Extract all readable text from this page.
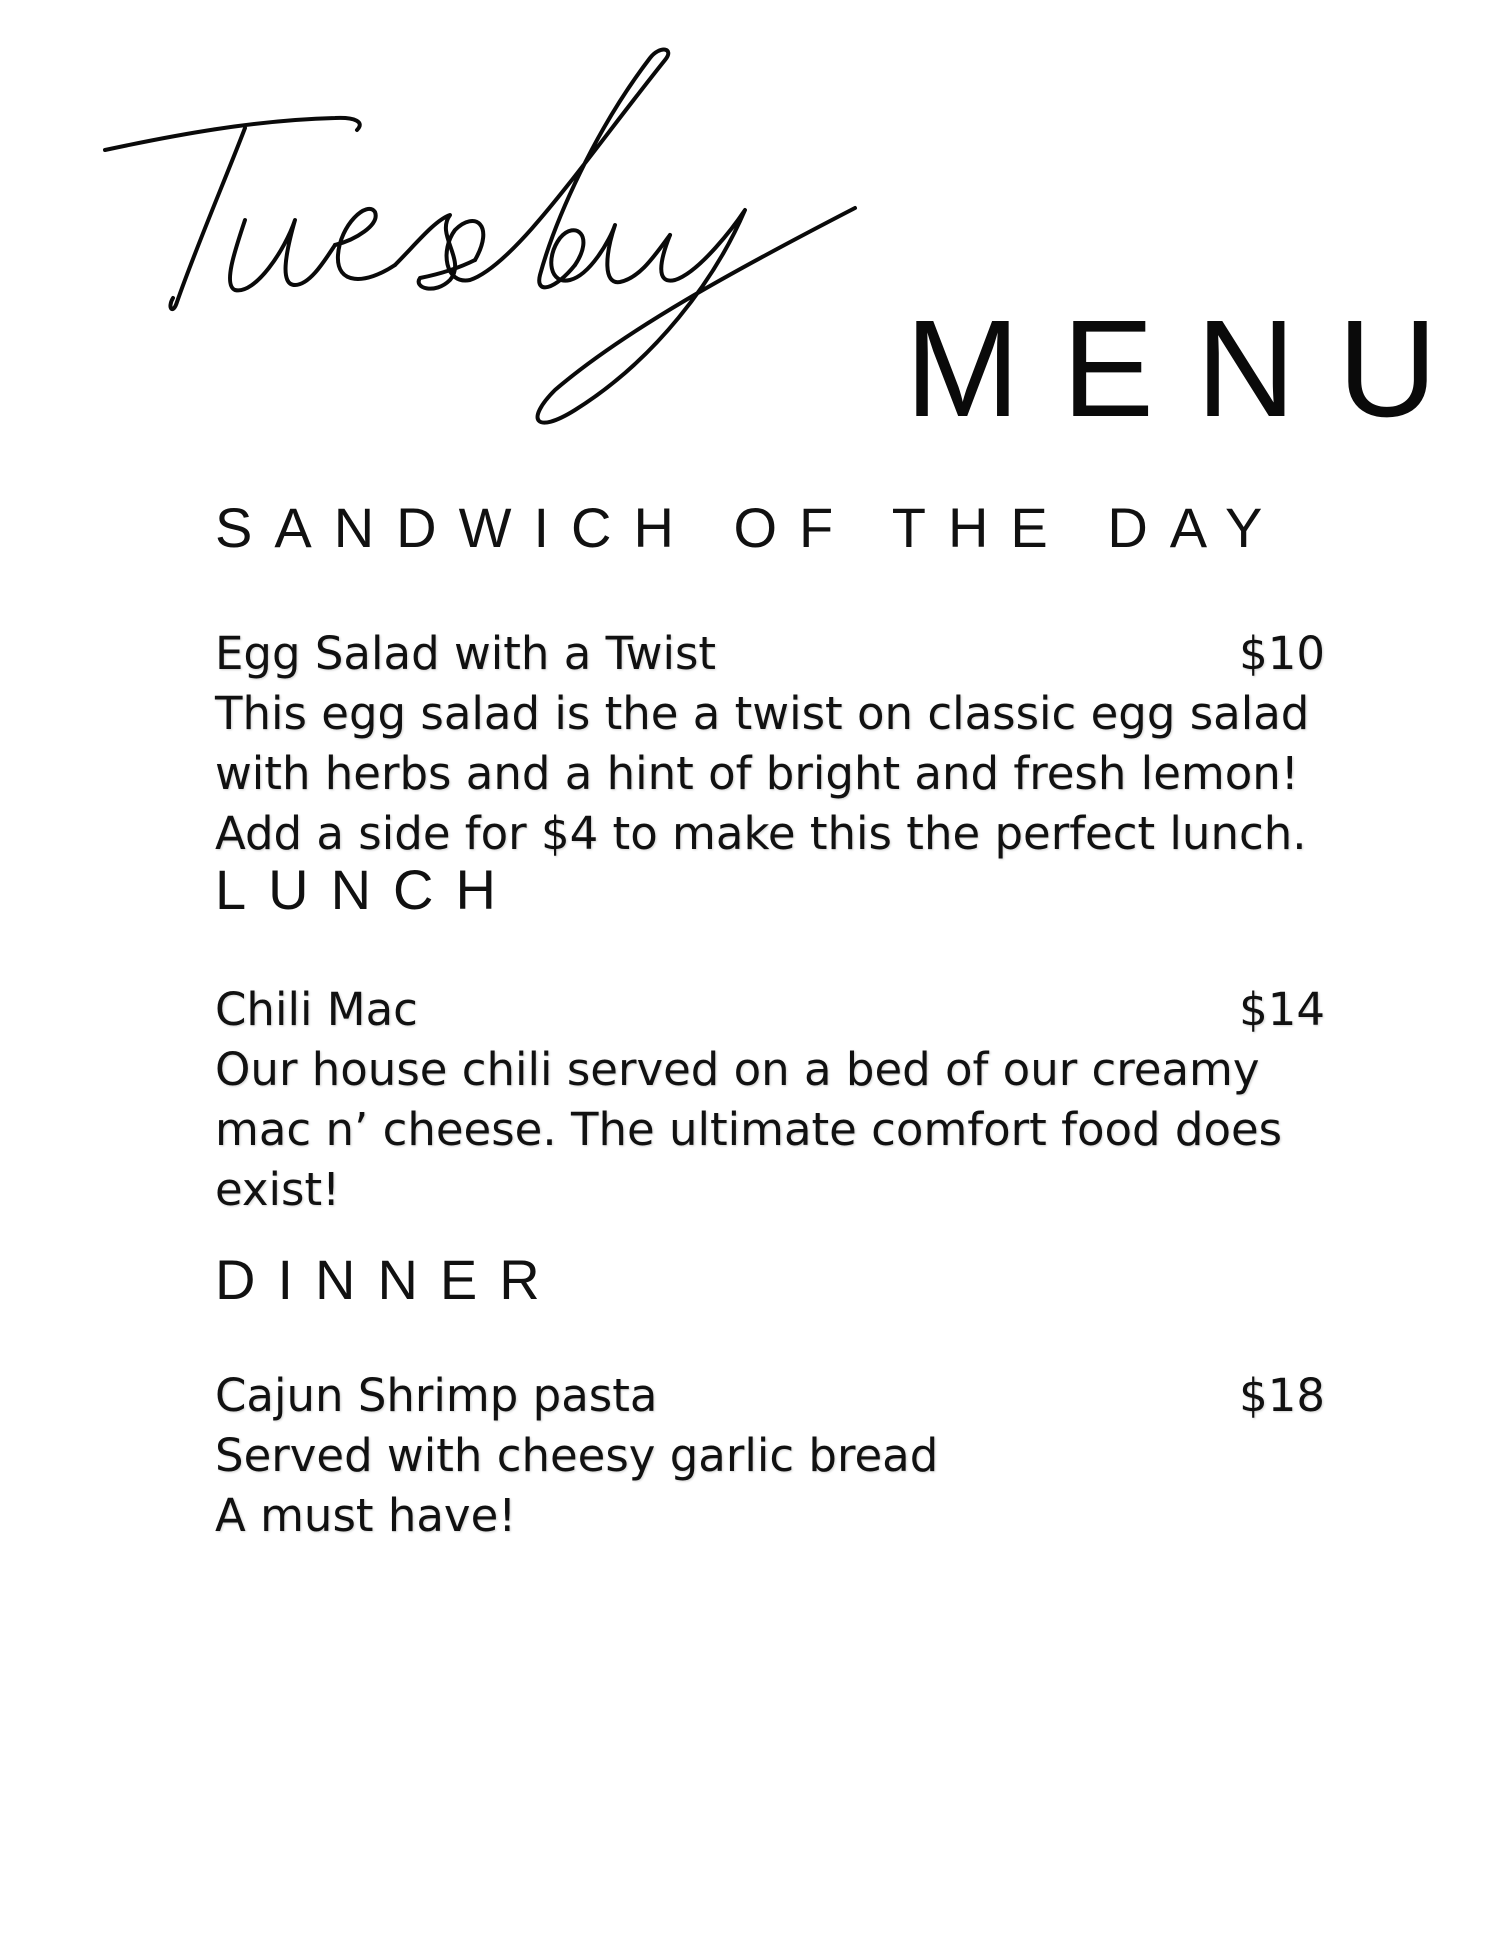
MENU
SANDWICH OF THE DAY
Egg Salad with a Twist	$10

This egg salad is the a twist on classic egg salad

with herbs and a hint of bright and fresh lemon!

Add a side for $4 to make this the perfect lunch.

LUNCH
Chili Mac	$14

Our house chili served on a bed of our creamy

mac n’ cheese. The ultimate comfort food does

exist!

DINNER
Cajun Shrimp pasta	$18

Served with cheesy garlic bread

A must have!
